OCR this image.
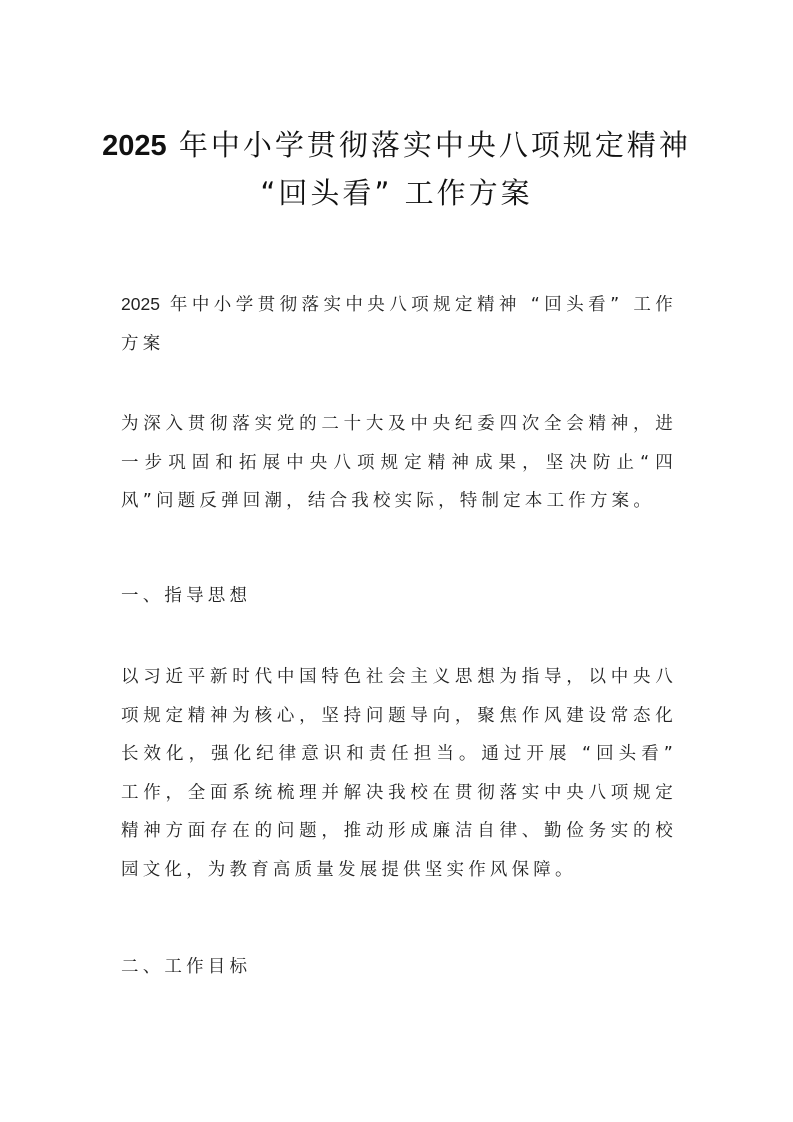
2025 年中小学贯彻落实中央八项规定精神
“回头看” 工作方案
2025 年中小学贯彻落实中央八项规定精神 “回头看” 工作方案
为深入贯彻落实党的二十大及中央纪委四次全会精神，进一步巩固和拓展中央八项规定精神成果，坚决防止“四风”问题反弹回潮，结合我校实际，特制定本工作方案。
一、指导思想
以习近平新时代中国特色社会主义思想为指导，以中央八项规定精神为核心，坚持问题导向，聚焦作风建设常态化长效化，强化纪律意识和责任担当。通过开展 “回头看” 工作，全面系统梳理并解决我校在贯彻落实中央八项规定精神方面存在的问题，推动形成廉洁自律、勤俭务实的校园文化，为教育高质量发展提供坚实作风保障。
二、工作目标
